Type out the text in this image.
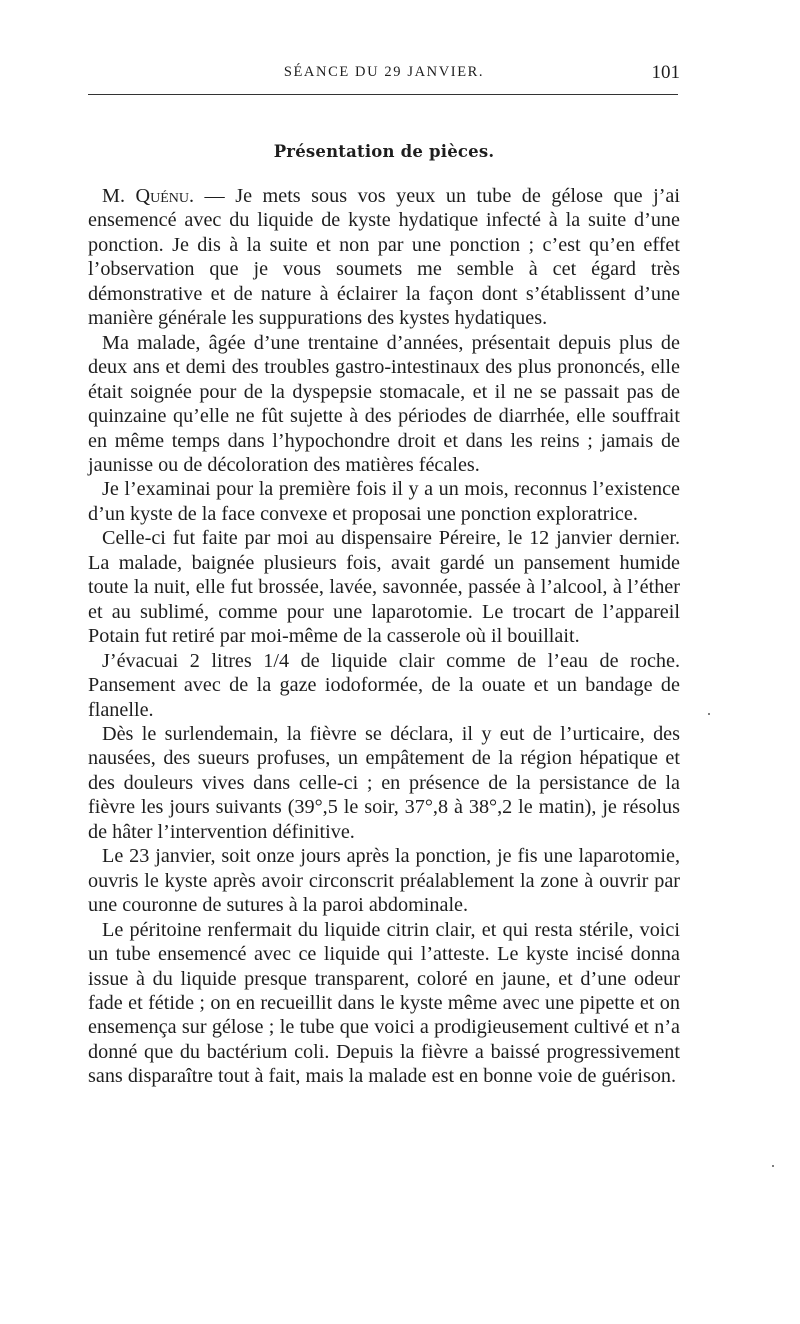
SÉANCE DU 29 JANVIER.	101
Présentation de pièces.

M. Quénu. — Je mets sous vos yeux un tube de gélose que j’ai ensemencé avec du liquide de kyste hydatique infecté à la suite d’une ponction. Je dis à la suite et non par une ponction ; c’est qu’en effet l’observation que je vous soumets me semble à cet égard très démonstrative et de nature à éclairer la façon dont s’établissent d’une manière générale les suppurations des kystes hydatiques.

Ma malade, âgée d’une trentaine d’années, présentait depuis plus de deux ans et demi des troubles gastro-intestinaux des plus prononcés, elle était soignée pour de la dyspepsie stomacale, et il ne se passait pas de quinzaine qu’elle ne fût sujette à des périodes de diarrhée, elle souffrait en même temps dans l’hypochondre droit et dans les reins ; jamais de jaunisse ou de décoloration des matières fécales.

Je l’examinai pour la première fois il y a un mois, reconnus l’existence d’un kyste de la face convexe et proposai une ponction exploratrice.

Celle-ci fut faite par moi au dispensaire Péreire, le 12 janvier dernier. La malade, baignée plusieurs fois, avait gardé un pansement humide toute la nuit, elle fut brossée, lavée, savonnée, passée à l’alcool, à l’éther et au sublimé, comme pour une laparotomie. Le trocart de l’appareil Potain fut retiré par moi-même de la casserole où il bouillait.

J’évacuai 2 litres 1/4 de liquide clair comme de l’eau de roche. Pansement avec de la gaze iodoformée, de la ouate et un bandage de flanelle.

Dès le surlendemain, la fièvre se déclara, il y eut de l’urticaire, des nausées, des sueurs profuses, un empâtement de la région hépatique et des douleurs vives dans celle-ci ; en présence de la persistance de la fièvre les jours suivants (39°,5 le soir, 37°,8 à 38°,2 le matin), je résolus de hâter l’intervention définitive.

Le 23 janvier, soit onze jours après la ponction, je fis une laparotomie, ouvris le kyste après avoir circonscrit préalablement la zone à ouvrir par une couronne de sutures à la paroi abdominale.

Le péritoine renfermait du liquide citrin clair, et qui resta stérile, voici un tube ensemencé avec ce liquide qui l’atteste. Le kyste incisé donna issue à du liquide presque transparent, coloré en jaune, et d’une odeur fade et fétide ; on en recueillit dans le kyste même avec une pipette et on ensemença sur gélose ; le tube que voici a prodigieusement cultivé et n’a donné que du bactérium coli. Depuis la fièvre a baissé progressivement sans disparaître tout à fait, mais la malade est en bonne voie de guérison.
